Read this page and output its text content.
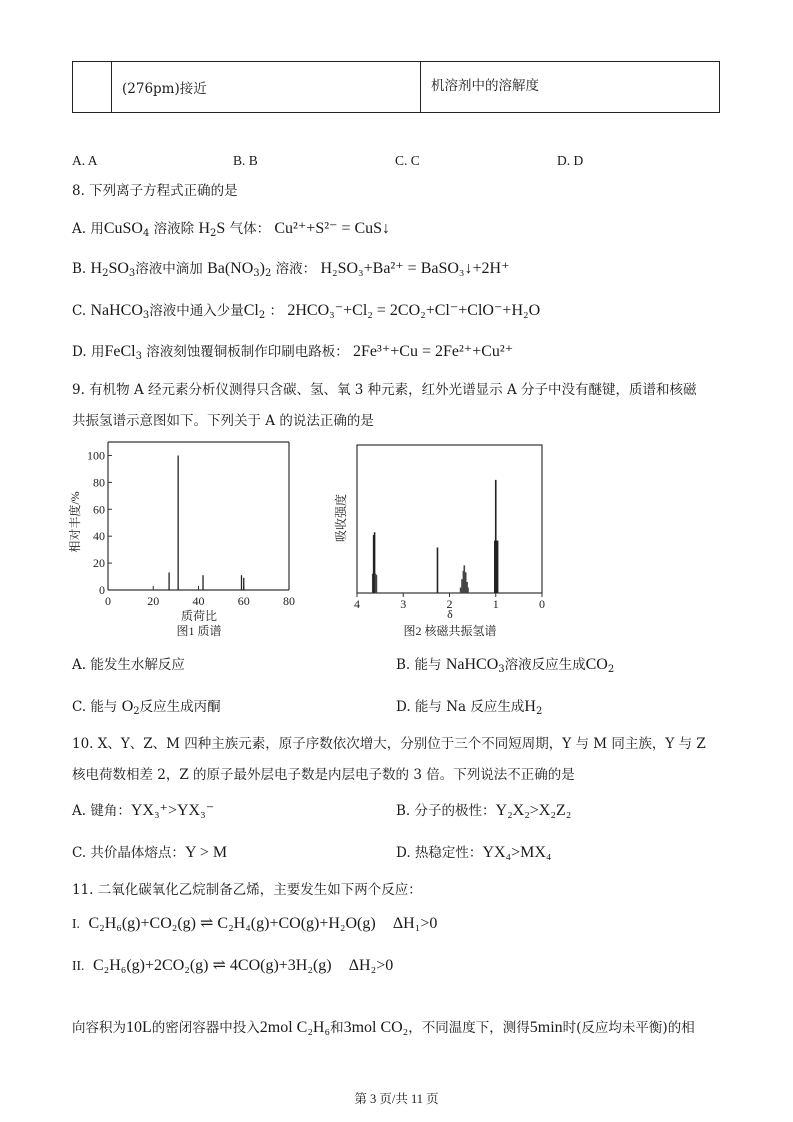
	(276pm)接近	机溶剂中的溶解度
A. A	B. B	C. C	D. D
8. 下列离子方程式正确的是
A. 用CuSO$_4$ 溶液除 $H_2S$ 气体： Cu²⁺+S²⁻ = CuS↓
B. $H_2SO_3$溶液中滴加 $Ba(NO_3)_2$ 溶液： H₂SO₃+Ba²⁺ = BaSO₃↓+2H⁺
C. NaHCO$_3$溶液中通入少量$Cl_2$ ： 2HCO₃⁻+Cl₂ = 2CO₂+Cl⁻+ClO⁻+H₂O
D. 用FeCl$_3$ 溶液刻蚀覆铜板制作印刷电路板： 2Fe³⁺+Cu = 2Fe²⁺+Cu²⁺
9. 有机物 A 经元素分析仪测得只含碳、氢、氧 3 种元素，红外光谱显示 A 分子中没有醚键，质谱和核磁
共振氢谱示意图如下。下列关于 A 的说法正确的是
0
20
40
60
80
100
0	20	40	60	80
相对丰度/%
质荷比
图1 质谱
4	3	2	1	0
吸收强度
δ
图2 核磁共振氢谱
A. 能发生水解反应	B. 能与 NaHCO$_3$溶液反应生成$CO_2$
C. 能与 $O_2$反应生成丙酮	D. 能与 Na 反应生成$H_2$
10. X、Y、Z、M 四种主族元素，原子序数依次增大，分别位于三个不同短周期，Y 与 M 同主族，Y 与 Z
核电荷数相差 2，Z 的原子最外层电子数是内层电子数的 3 倍。下列说法不正确的是
A. 键角：YX₃⁺>YX₃⁻	B. 分子的极性：Y₂X₂>X₂Z₂
C. 共价晶体熔点：Y > M	D. 热稳定性：YX₄>MX₄
11. 二氧化碳氧化乙烷制备乙烯，主要发生如下两个反应：
I. C₂H₆(g)+CO₂(g) ⇌ C₂H₄(g)+CO(g)+H₂O(g) ΔH₁>0
II. C₂H₆(g)+2CO₂(g) ⇌ 4CO(g)+3H₂(g) ΔH₂>0
向容积为10L的密闭容器中投入2mol C₂H₆和3mol CO₂，不同温度下，测得5min时(反应均未平衡)的相
第 3 页/共 11 页
